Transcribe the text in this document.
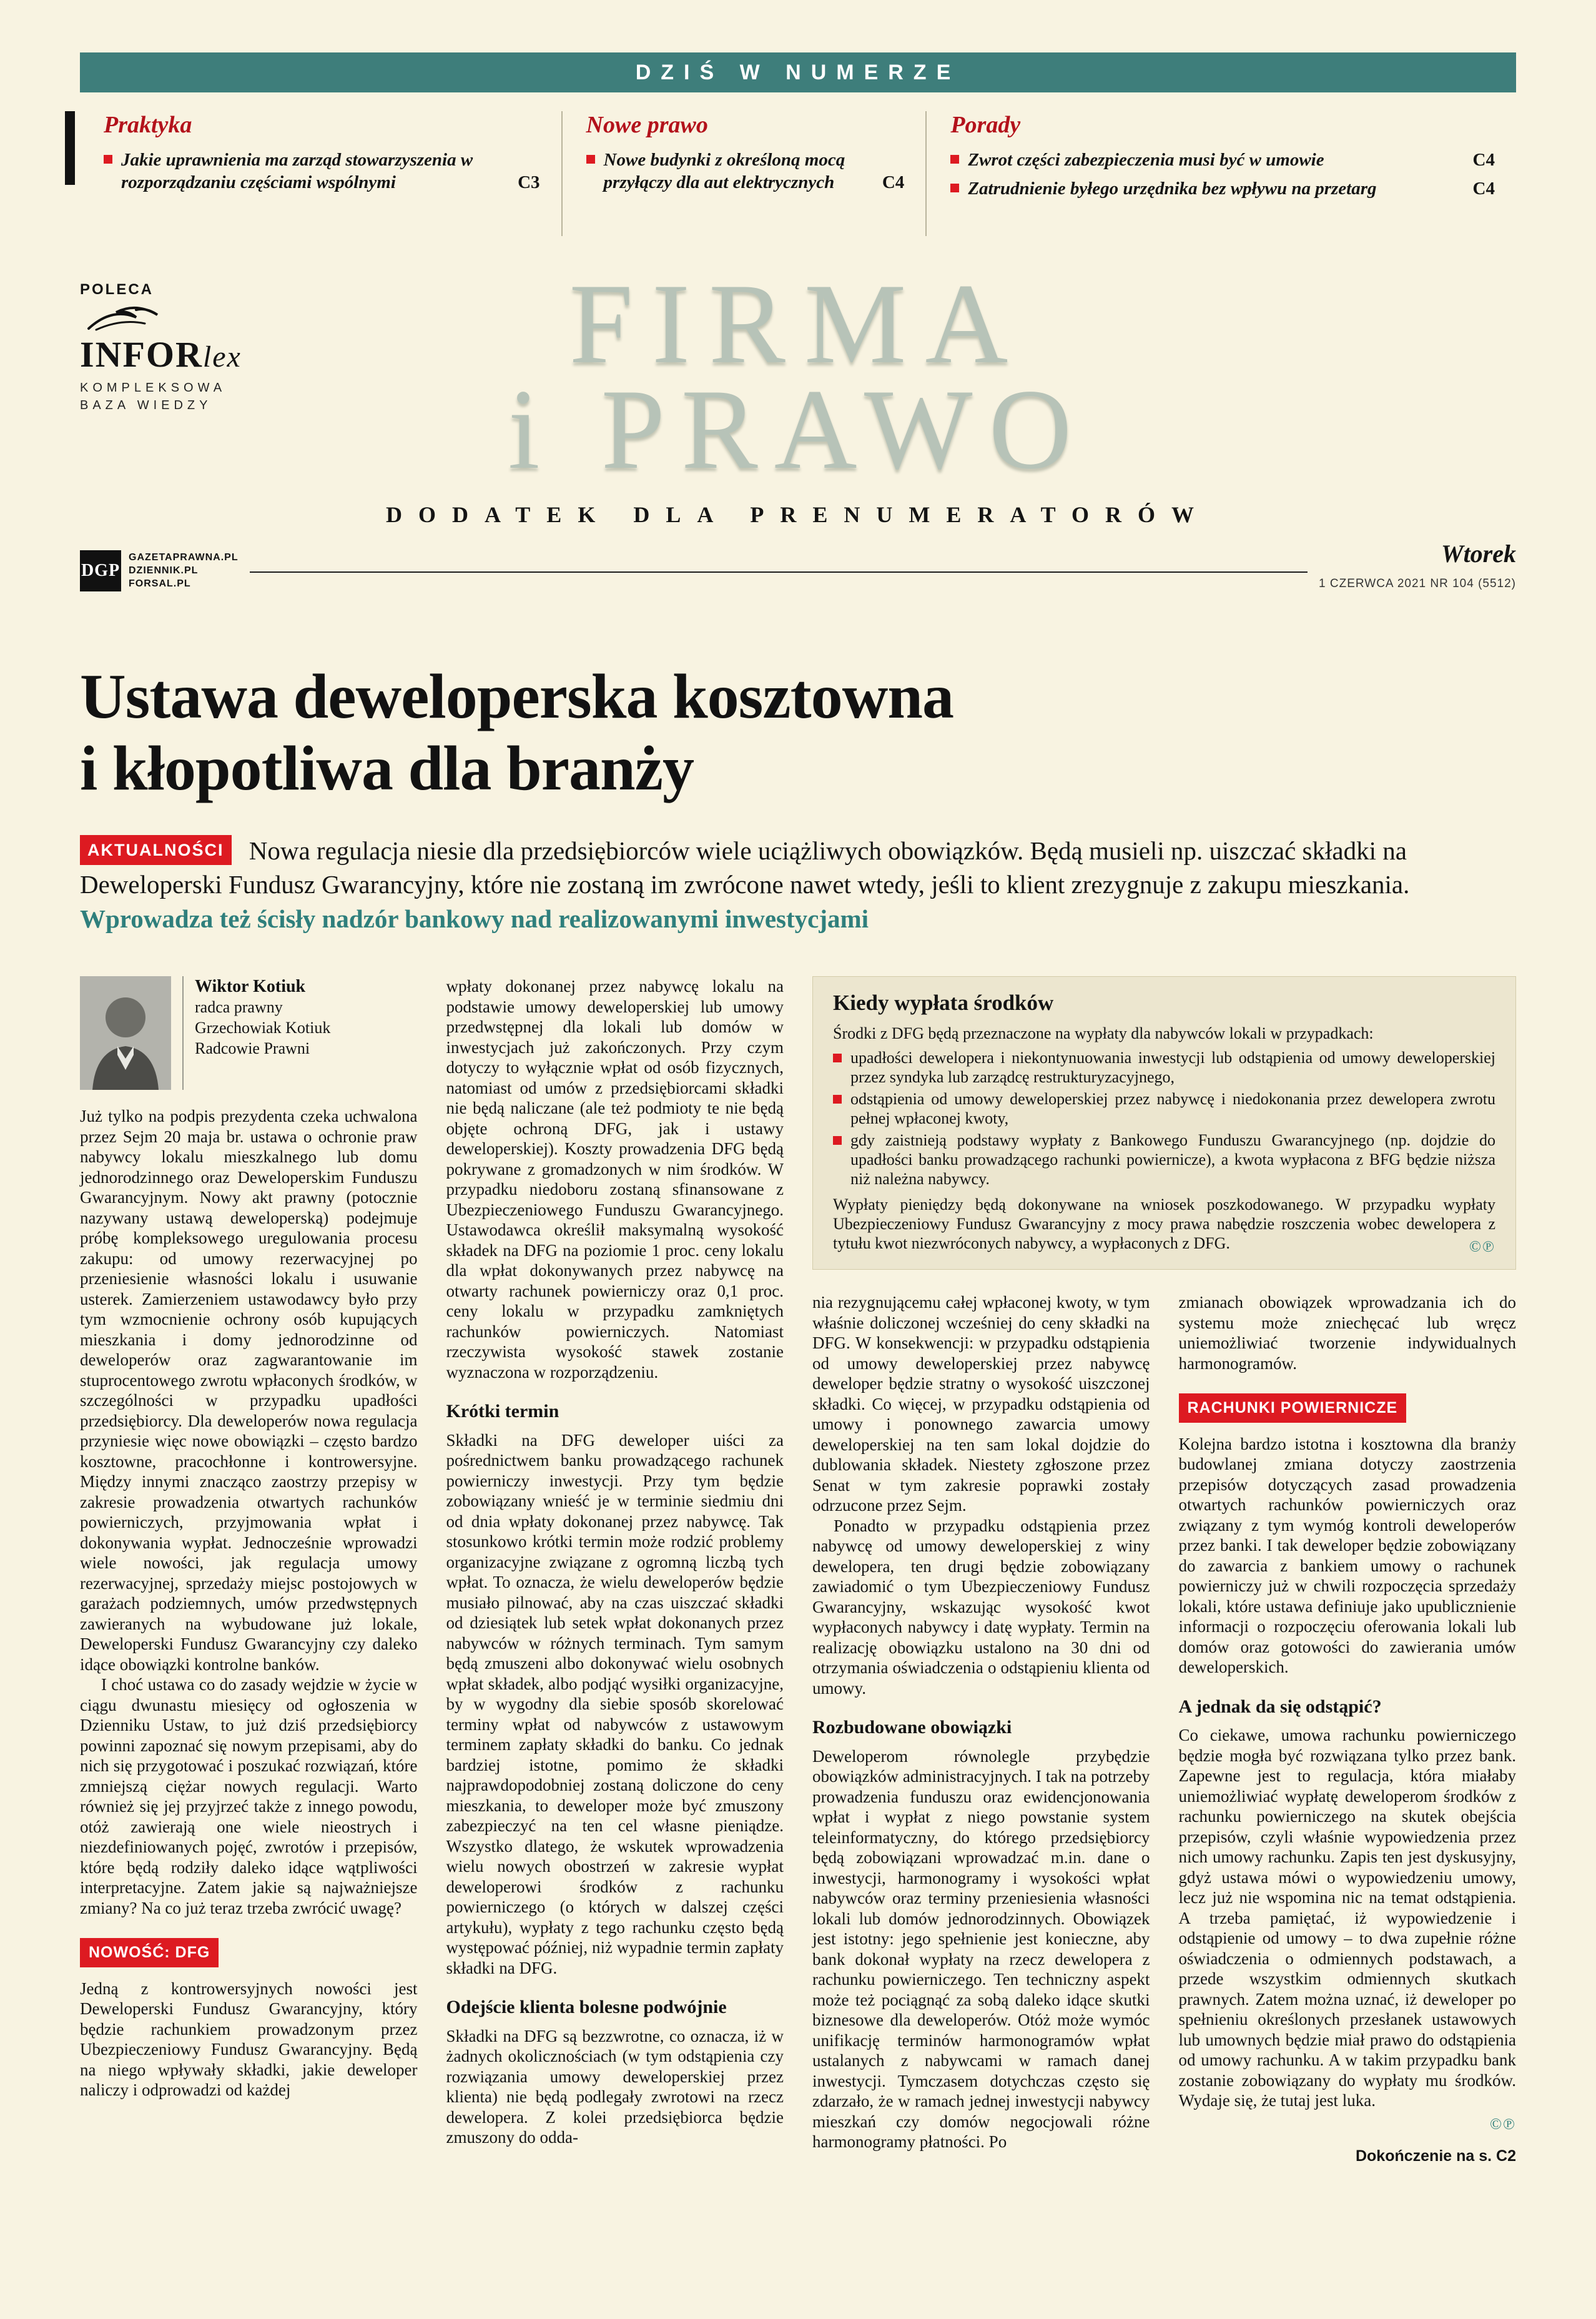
DZIŚ W NUMERZE
Praktyka
Jakie uprawnienia ma zarząd stowarzyszenia w rozporządzaniu częściami wspólnymi	C3
Nowe prawo
Nowe budynki z określoną mocą przyłączy dla aut elektrycznych	C4
Porady
Zwrot części zabezpieczenia musi być w umowie	C4
Zatrudnienie byłego urzędnika bez wpływu na przetarg	C4
POLECA
INFORlex
KOMPLEKSOWA
BAZA WIEDZY
FIRMA
i PRAWO
DODATEK DLA PRENUMERATORÓW
DGP
GAZETAPRAWNA.PL
DZIENNIK.PL
FORSAL.PL
Wtorek
1 CZERWCA 2021 NR 104 (5512)
Ustawa deweloperska kosztowna
i kłopotliwa dla branży
AKTUALNOŚCI Nowa regulacja niesie dla przedsiębiorców wiele uciążliwych obowiązków. Będą musieli np. uiszczać składki na Deweloperski Fundusz Gwarancyjny, które nie zostaną im zwrócone nawet wtedy, jeśli to klient zrezygnuje z zakupu mieszkania. Wprowadza też ścisły nadzór bankowy nad realizowanymi inwestycjami
Wiktor Kotiuk
radca prawny
Grzechowiak Kotiuk
Radcowie Prawni

Już tylko na podpis prezydenta czeka uchwalona przez Sejm 20 maja br. ustawa o ochronie praw nabywcy lokalu mieszkalnego lub domu jednorodzinnego oraz Deweloperskim Funduszu Gwarancyjnym. Nowy akt prawny (potocznie nazywany ustawą deweloperską) podejmuje próbę kompleksowego uregulowania procesu zakupu: od umowy rezerwacyjnej po przeniesienie własności lokalu i usuwanie usterek. Zamierzeniem ustawodawcy było przy tym wzmocnienie ochrony osób kupujących mieszkania i domy jednorodzinne od deweloperów oraz zagwarantowanie im stuprocentowego zwrotu wpłaconych środków, w szczególności w przypadku upadłości przedsiębiorcy. Dla deweloperów nowa regulacja przyniesie więc nowe obowiązki – często bardzo kosztowne, pracochłonne i kontrowersyjne. Między innymi znacząco zaostrzy przepisy w zakresie prowadzenia otwartych rachunków powierniczych, przyjmowania wpłat i dokonywania wypłat. Jednocześnie wprowadzi wiele nowości, jak regulacja umowy rezerwacyjnej, sprzedaży miejsc postojowych w garażach podziemnych, umów przedwstępnych zawieranych na wybudowane już lokale, Deweloperski Fundusz Gwarancyjny czy daleko idące obowiązki kontrolne banków.

I choć ustawa co do zasady wejdzie w życie w ciągu dwunastu miesięcy od ogłoszenia w Dzienniku Ustaw, to już dziś przedsiębiorcy powinni zapoznać się nowym przepisami, aby do nich się przygotować i poszukać rozwiązań, które zmniejszą ciężar nowych regulacji. Warto również się jej przyjrzeć także z innego powodu, otóż zawierają one wiele nieostrych i niezdefiniowanych pojęć, zwrotów i przepisów, które będą rodziły daleko idące wątpliwości interpretacyjne. Zatem jakie są najważniejsze zmiany? Na co już teraz trzeba zwrócić uwagę?

NOWOŚĆ: DFG

Jedną z kontrowersyjnych nowości jest Deweloperski Fundusz Gwarancyjny, który będzie rachunkiem prowadzonym przez Ubezpieczeniowy Fundusz Gwarancyjny. Będą na niego wpływały składki, jakie deweloper naliczy i odprowadzi od każdej

wpłaty dokonanej przez nabywcę lokalu na podstawie umowy deweloperskiej lub umowy przedwstępnej dla lokali lub domów w inwestycjach już zakończonych. Przy czym dotyczy to wyłącznie wpłat od osób fizycznych, natomiast od umów z przedsiębiorcami składki nie będą naliczane (ale też podmioty te nie będą objęte ochroną DFG, jak i ustawy deweloperskiej). Koszty prowadzenia DFG będą pokrywane z gromadzonych w nim środków. W przypadku niedoboru zostaną sfinansowane z Ubezpieczeniowego Funduszu Gwarancyjnego. Ustawodawca określił maksymalną wysokość składek na DFG na poziomie 1 proc. ceny lokalu dla wpłat dokonywanych przez nabywcę na otwarty rachunek powierniczy oraz 0,1 proc. ceny lokalu w przypadku zamkniętych rachunków powierniczych. Natomiast rzeczywista wysokość stawek zostanie wyznaczona w rozporządzeniu.

Krótki termin

Składki na DFG deweloper uiści za pośrednictwem banku prowadzącego rachunek powierniczy inwestycji. Przy tym będzie zobowiązany wnieść je w terminie siedmiu dni od dnia wpłaty dokonanej przez nabywcę. Tak stosunkowo krótki termin może rodzić problemy organizacyjne związane z ogromną liczbą tych wpłat. To oznacza, że wielu deweloperów będzie musiało pilnować, aby na czas uiszczać składki od dziesiątek lub setek wpłat dokonanych przez nabywców w różnych terminach. Tym samym będą zmuszeni albo dokonywać wielu osobnych wpłat składek, albo podjąć wysiłki organizacyjne, by w wygodny dla siebie sposób skorelować terminy wpłat od nabywców z ustawowym terminem zapłaty składki do banku. Co jednak bardziej istotne, pomimo że składki najprawdopodobniej zostaną doliczone do ceny mieszkania, to deweloper może być zmuszony zabezpieczyć na ten cel własne pieniądze. Wszystko dlatego, że wskutek wprowadzenia wielu nowych obostrzeń w zakresie wypłat deweloperowi środków z rachunku powierniczego (o których w dalszej części artykułu), wypłaty z tego rachunku często będą występować później, niż wypadnie termin zapłaty składki na DFG.

Odejście klienta bolesne podwójnie

Składki na DFG są bezzwrotne, co oznacza, iż w żadnych okolicznościach (w tym odstąpienia czy rozwiązania umowy deweloperskiej przez klienta) nie będą podlegały zwrotowi na rzecz dewelopera. Z kolei przedsiębiorca będzie zmuszony do odda-

Kiedy wypłata środków
Środki z DFG będą przeznaczone na wypłaty dla nabywców lokali w przypadkach:
upadłości dewelopera i niekontynuowania inwestycji lub odstąpienia od umowy deweloperskiej przez syndyka lub zarządcę restrukturyzacyjnego,
odstąpienia od umowy deweloperskiej przez nabywcę i niedokonania przez dewelopera zwrotu pełnej wpłaconej kwoty,
gdy zaistnieją podstawy wypłaty z Bankowego Funduszu Gwarancyjnego (np. dojdzie do upadłości banku prowadzącego rachunki powiernicze), a kwota wypłacona z BFG będzie niższa niż należna nabywcy.
Wypłaty pieniędzy będą dokonywane na wniosek poszkodowanego. W przypadku wypłaty Ubezpieczeniowy Fundusz Gwarancyjny z mocy prawa nabędzie roszczenia wobec dewelopera z tytułu kwot niezwróconych nabywcy, a wypłaconych z DFG.	©℗

nia rezygnującemu całej wpłaconej kwoty, w tym właśnie doliczonej wcześniej do ceny składki na DFG. W konsekwencji: w przypadku odstąpienia od umowy deweloperskiej przez nabywcę deweloper będzie stratny o wysokość uiszczonej składki. Co więcej, w przypadku odstąpienia od umowy i ponownego zawarcia umowy deweloperskiej na ten sam lokal dojdzie do dublowania składek. Niestety zgłoszone przez Senat w tym zakresie poprawki zostały odrzucone przez Sejm.

Ponadto w przypadku odstąpienia przez nabywcę od umowy deweloperskiej z winy dewelopera, ten drugi będzie zobowiązany zawiadomić o tym Ubezpieczeniowy Fundusz Gwarancyjny, wskazując wysokość kwot wypłaconych nabywcy i datę wypłaty. Termin na realizację obowiązku ustalono na 30 dni od otrzymania oświadczenia o odstąpieniu klienta od umowy.

Rozbudowane obowiązki

Deweloperom równolegle przybędzie obowiązków administracyjnych. I tak na potrzeby prowadzenia funduszu oraz ewidencjonowania wpłat i wypłat z niego powstanie system teleinformatyczny, do którego przedsiębiorcy będą zobowiązani wprowadzać m.in. dane o inwestycji, harmonogramy i wysokości wpłat nabywców oraz terminy przeniesienia własności lokali lub domów jednorodzinnych. Obowiązek jest istotny: jego spełnienie jest konieczne, aby bank dokonał wypłaty na rzecz dewelopera z rachunku powierniczego. Ten techniczny aspekt może też pociągnąć za sobą daleko idące skutki biznesowe dla deweloperów. Otóż może wymóc unifikację terminów harmonogramów wpłat ustalanych z nabywcami w ramach danej inwestycji. Tymczasem dotychczas często się zdarzało, że w ramach jednej inwestycji nabywcy mieszkań czy domów negocjowali różne harmonogramy płatności. Po

zmianach obowiązek wprowadzania ich do systemu może zniechęcać lub wręcz uniemożliwiać tworzenie indywidualnych harmonogramów.

RACHUNKI POWIERNICZE

Kolejna bardzo istotna i kosztowna dla branży budowlanej zmiana dotyczy zaostrzenia przepisów dotyczących zasad prowadzenia otwartych rachunków powierniczych oraz związany z tym wymóg kontroli deweloperów przez banki. I tak deweloper będzie zobowiązany do zawarcia z bankiem umowy o rachunek powierniczy już w chwili rozpoczęcia sprzedaży lokali, które ustawa definiuje jako upublicznienie informacji o rozpoczęciu oferowania lokali lub domów oraz gotowości do zawierania umów deweloperskich.

A jednak da się odstąpić?

Co ciekawe, umowa rachunku powierniczego będzie mogła być rozwiązana tylko przez bank. Zapewne jest to regulacja, która miałaby uniemożliwiać wypłatę deweloperom środków z rachunku powierniczego na skutek obejścia przepisów, czyli właśnie wypowiedzenia przez nich umowy rachunku. Zapis ten jest dyskusyjny, gdyż ustawa mówi o wypowiedzeniu umowy, lecz już nie wspomina nic na temat odstąpienia. A trzeba pamiętać, iż wypowiedzenie i odstąpienie od umowy – to dwa zupełnie różne oświadczenia o odmiennych podstawach, a przede wszystkim odmiennych skutkach prawnych. Zatem można uznać, iż deweloper po spełnieniu określonych przesłanek ustawowych lub umownych będzie miał prawo do odstąpienia od umowy rachunku. A w takim przypadku bank zostanie zobowiązany do wypłaty mu środków. Wydaje się, że tutaj jest luka.

©℗
Dokończenie na s. C2
